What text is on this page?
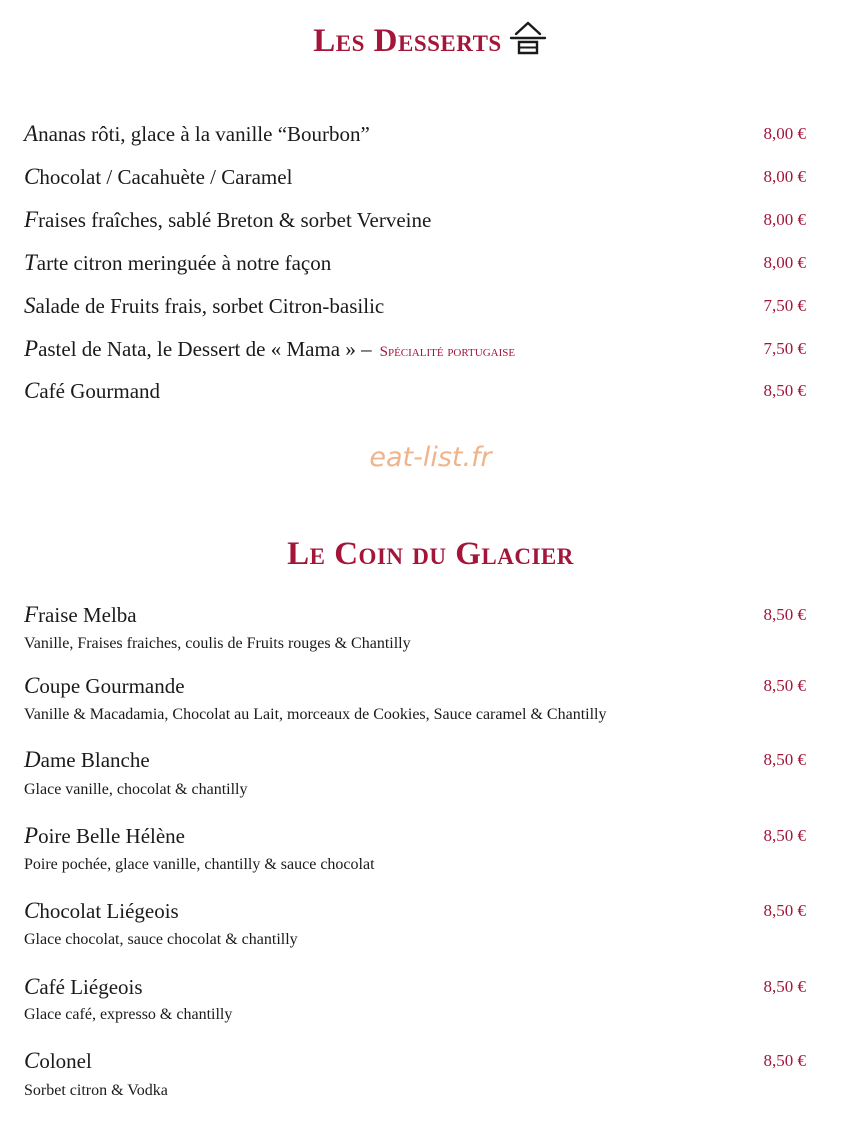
Les Desserts
Ananas rôti, glace à la vanille “Bourbon”	8,00 €
Chocolat / Cacahuète / Caramel	8,00 €
Fraises fraîches, sablé Breton & sorbet Verveine	8,00 €
Tarte citron meringuée à notre façon	8,00 €
Salade de Fruits frais, sorbet Citron-basilic	7,50 €
Pastel de Nata, le Dessert de « Mama » – Spécialité portugaise	7,50 €
Café Gourmand	8,50 €
eat-list.fr
Le Coin du Glacier
Fraise Melba	8,50 €
Vanille, Fraises fraiches, coulis de Fruits rouges & Chantilly
Coupe Gourmande	8,50 €
Vanille & Macadamia, Chocolat au Lait, morceaux de Cookies, Sauce caramel & Chantilly
Dame Blanche	8,50 €
Glace vanille, chocolat & chantilly
Poire Belle Hélène	8,50 €
Poire pochée, glace vanille, chantilly & sauce chocolat
Chocolat Liégeois	8,50 €
Glace chocolat, sauce chocolat & chantilly
Café Liégeois	8,50 €
Glace café, expresso & chantilly
Colonel	8,50 €
Sorbet citron & Vodka
